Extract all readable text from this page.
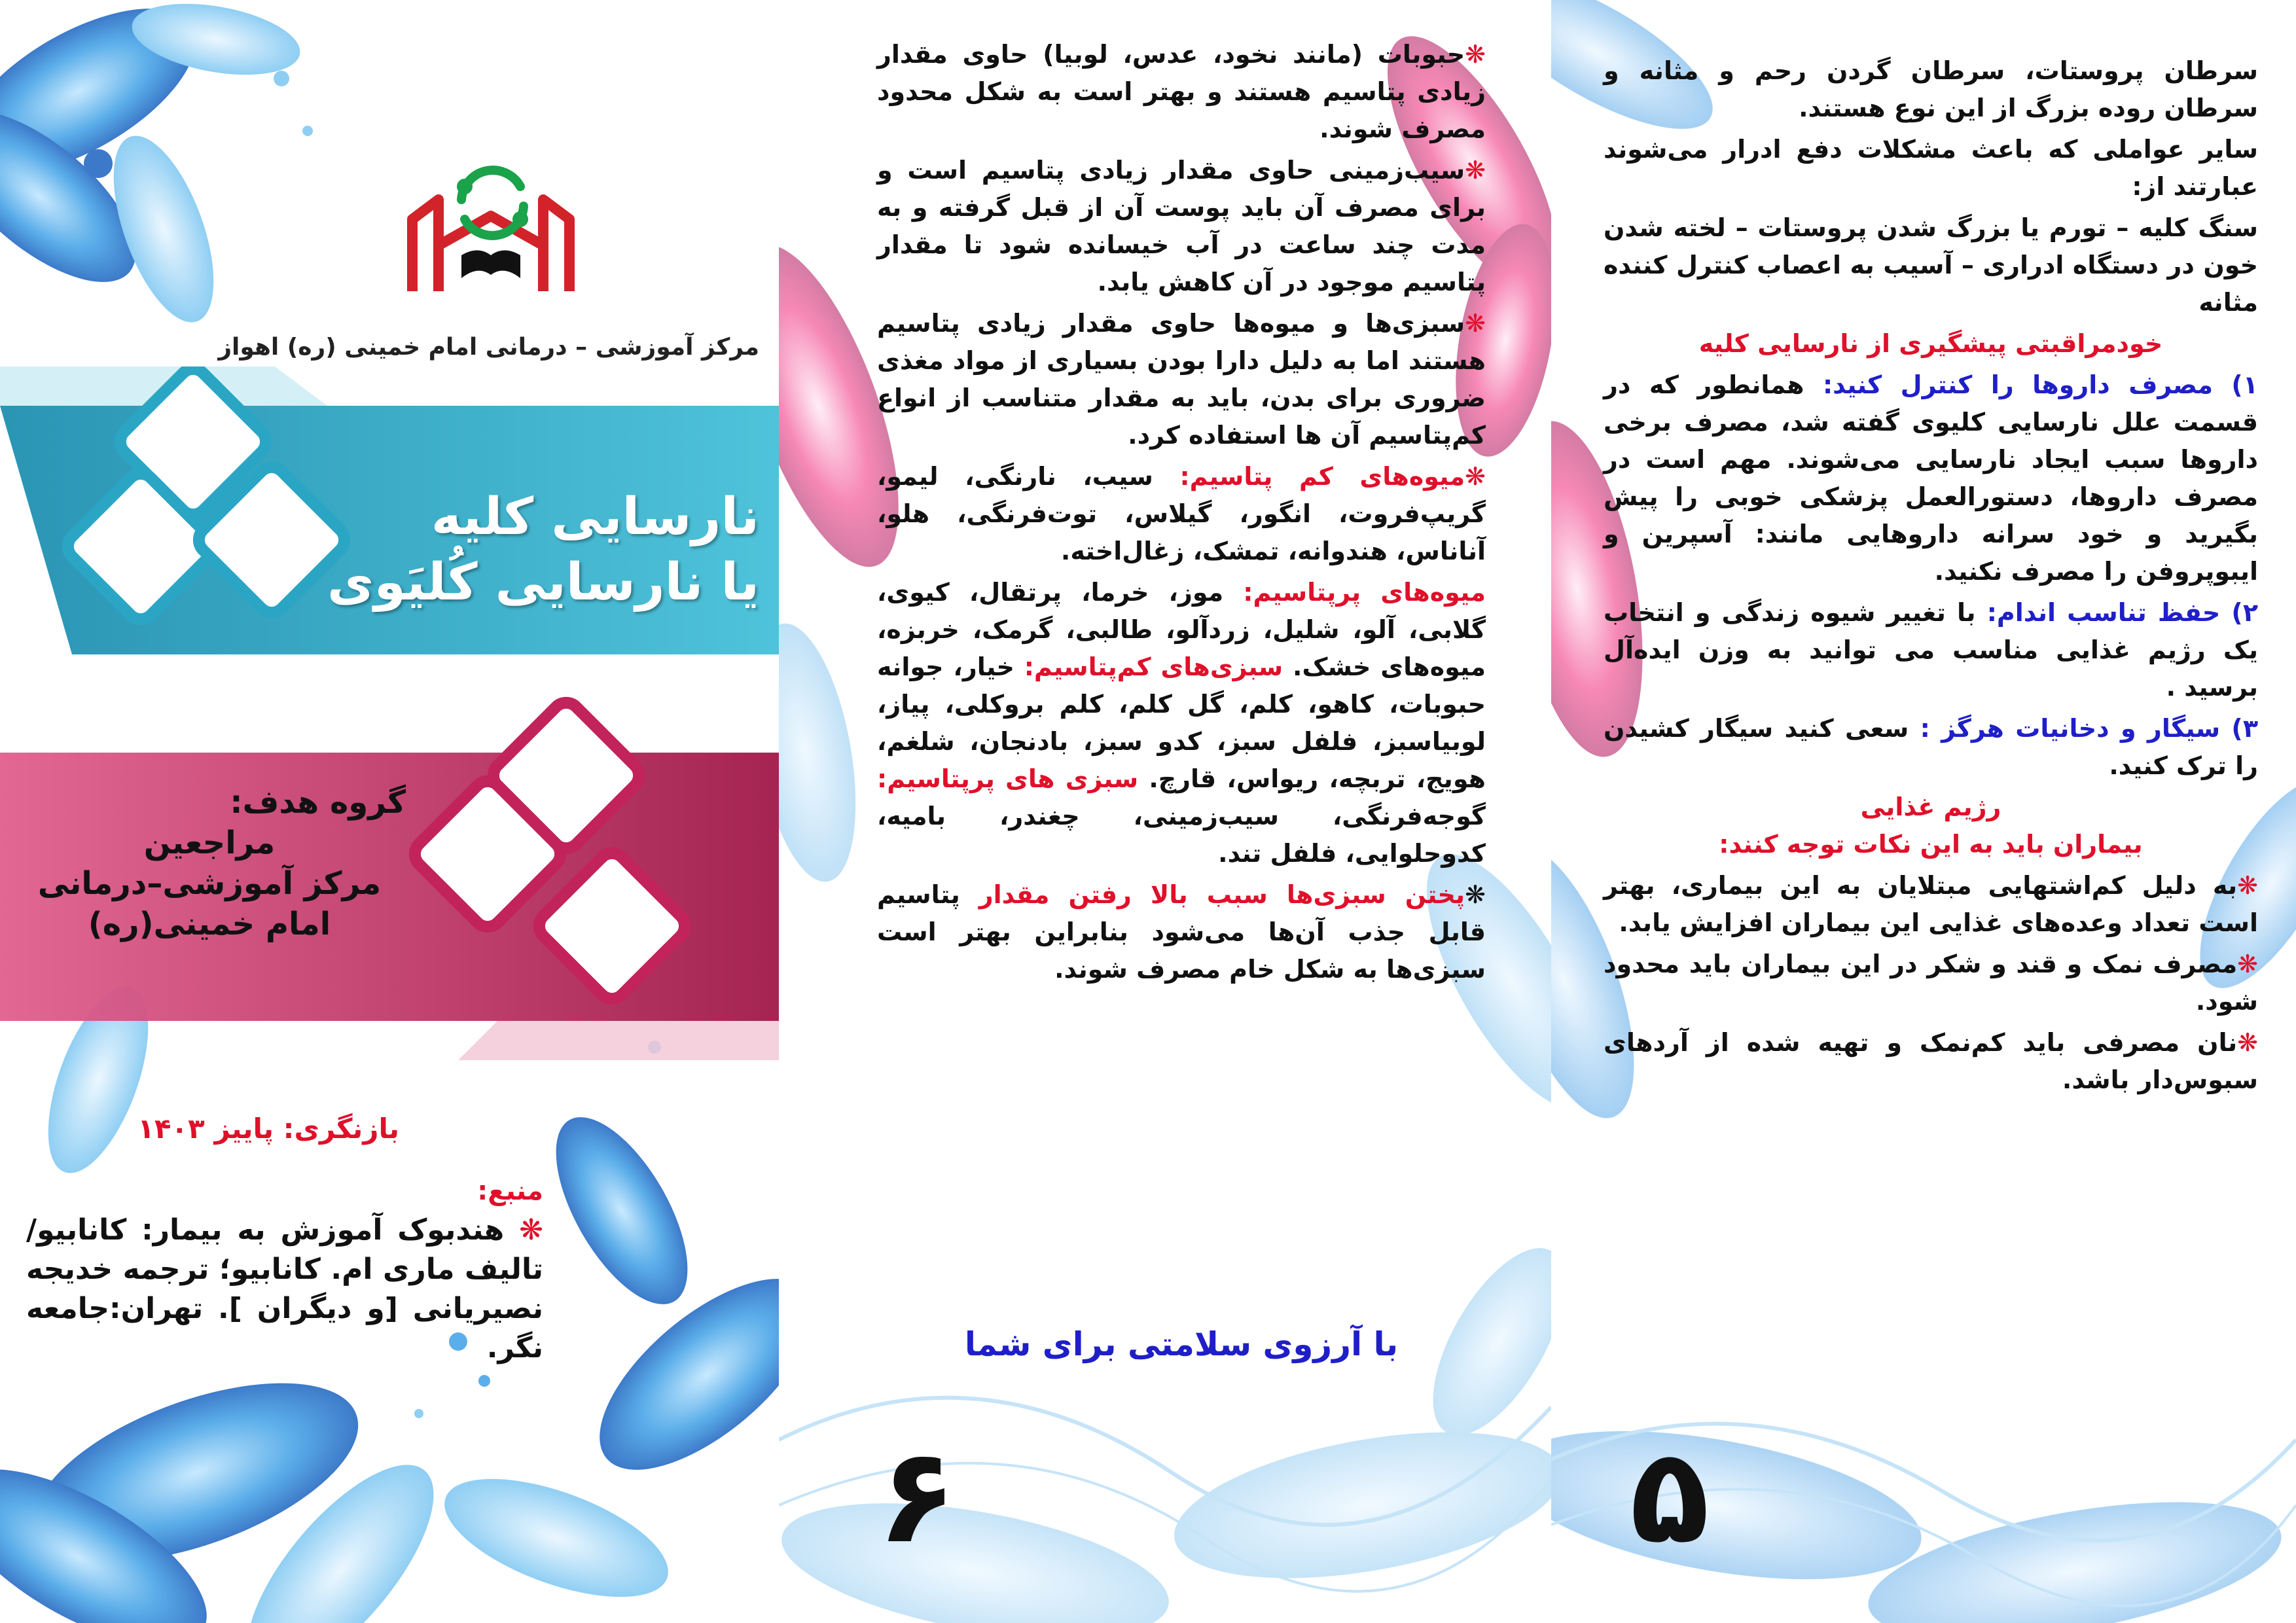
مرکز آموزشی – درمانی امام خمینی (ره) اهواز
نارسایی کلیه
یا نارسایی کُلیَوی
گروه هدف:
مراجعین
مرکز آموزشی–درمانی
امام خمینی(ره)
بازنگری: پاییز ۱۴۰۳
منبع:
❋ هندبوک آموزش به بیمار: کانابیو/ تالیف ماری ام. کانابیو؛ ترجمه خدیجه نصیریانی [و دیگران ]. تهران:جامعه نگر.

❋حبوبات (مانند نخود، عدس، لوبیا) حاوی مقدار زیادی پتاسیم هستند و بهتر است به شکل محدود مصرف شوند.

❋سیب‌زمینی حاوی مقدار زیادی پتاسیم است و برای مصرف آن باید پوست آن از قبل گرفته و به مدت چند ساعت در آب خیسانده شود تا مقدار پتاسیم موجود در آن کاهش یابد.

❋سبزی‌ها و میوه‌ها حاوی مقدار زیادی پتاسیم هستند اما به دلیل دارا بودن بسیاری از مواد مغذی ضروری برای بدن، باید به مقدار متناسب از انواع کم‌پتاسیم آن ها استفاده کرد.

❋میوه‌های کم پتاسیم: سیب، نارنگی، لیمو، گریپ‌فروت، انگور، گیلاس، توت‌فرنگی، هلو، آناناس، هندوانه، تمشک، زغال‌اخته.

میوه‌های پرپتاسیم: موز، خرما، پرتقال، کیوی، گلابی، آلو، شلیل، زردآلو، طالبی، گرمک، خربزه، میوه‌های خشک. سبزی‌های کم‌پتاسیم: خیار، جوانه حبوبات، کاهو، کلم، گل کلم، کلم بروکلی، پیاز، لوبیاسبز، فلفل سبز، کدو سبز، بادنجان، شلغم، هویج، تربچه، ریواس، قارچ. سبزی های پرپتاسیم: گوجه‌فرنگی، سیب‌زمینی، چغندر، بامیه، کدوحلوایی، فلفل تند.

❋پختن سبزی‌ها سبب بالا رفتن مقدار پتاسیم قابل جذب آن‌ها می‌شود بنابراین بهتر است سبزی‌ها به شکل خام مصرف شوند.

با آرزوی سلامتی برای شما
۶

سرطان پروستات، سرطان گردن رحم و مثانه و سرطان روده بزرگ از این نوع هستند.

سایر عواملی که باعث مشکلات دفع ادرار می‌شوند عبارتند از:

سنگ کلیه – تورم یا بزرگ شدن پروستات – لخته شدن خون در دستگاه ادراری – آسیب به اعصاب کنترل کننده مثانه

خودمراقبتی پیشگیری از نارسایی کلیه

۱) مصرف داروها را کنترل کنید: همانطور که در قسمت علل نارسایی کلیوی گفته شد، مصرف برخی داروها سبب ایجاد نارسایی می‌شوند. مهم است در مصرف داروها، دستورالعمل پزشکی خوبی را پیش بگیرید و خود سرانه داروهایی مانند: آسپرین و ایبوپروفن را مصرف نکنید.

۲) حفظ تناسب اندام: با تغییر شیوه زندگی و انتخاب یک رژیم غذایی مناسب می توانید به وزن ایده‌آل برسید .

۳) سیگار و دخانیات هرگز : سعی کنید سیگار کشیدن را ترک کنید.

رژیم غذایی

بیماران باید به این نکات توجه کنند:

❋به دلیل کم‌اشتهایی مبتلایان به این بیماری، بهتر است تعداد وعده‌های غذایی این بیماران افزایش یابد.

❋مصرف نمک و قند و شکر در این بیماران باید محدود شود.

❋نان مصرفی باید کم‌نمک و تهیه شده از آردهای سبوس‌دار باشد.

۵
